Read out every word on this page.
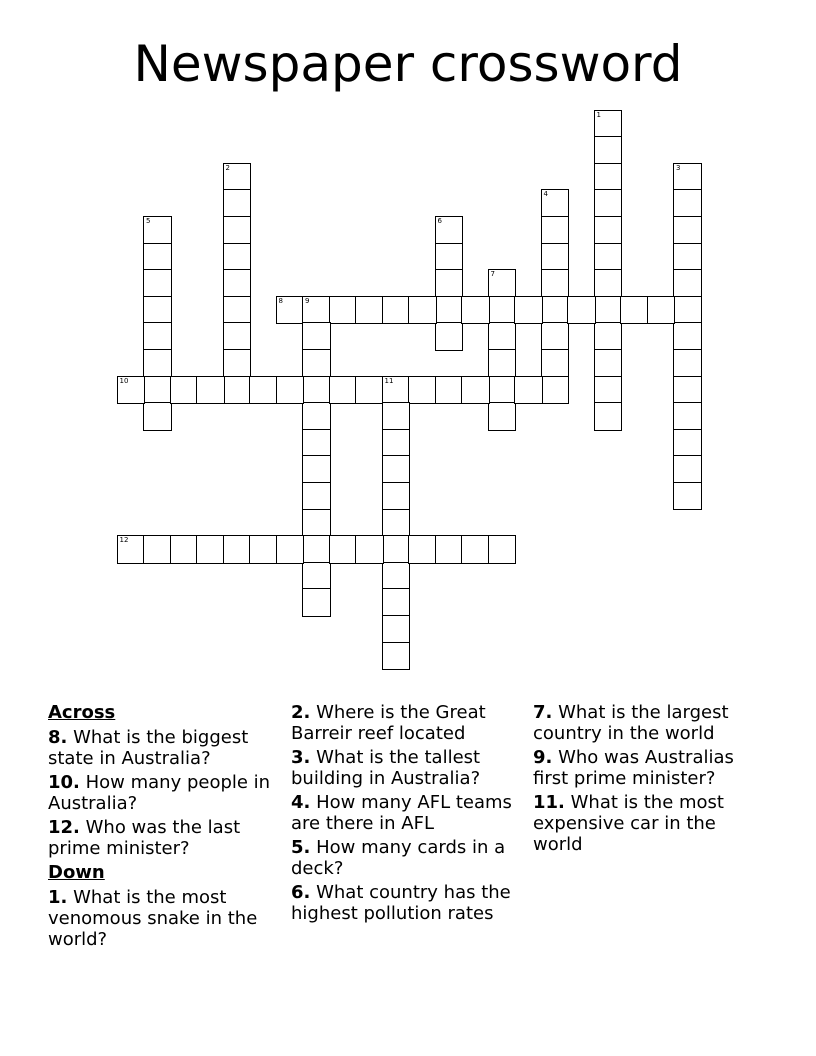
Newspaper crossword
1
2	3
4
5	6
7
8	9
10	11
12
Across
8. What is the biggest state in Australia?
10. How many people in Australia?
12. Who was the last prime minister?
Down
1. What is the most venomous snake in the world?
2. Where is the Great Barreir reef located
3. What is the tallest building in Australia?
4. How many AFL teams are there in AFL
5. How many cards in a deck?
6. What country has the highest pollution rates
7. What is the largest country in the world
9. Who was Australias first prime minister?
11. What is the most expensive car in the world
